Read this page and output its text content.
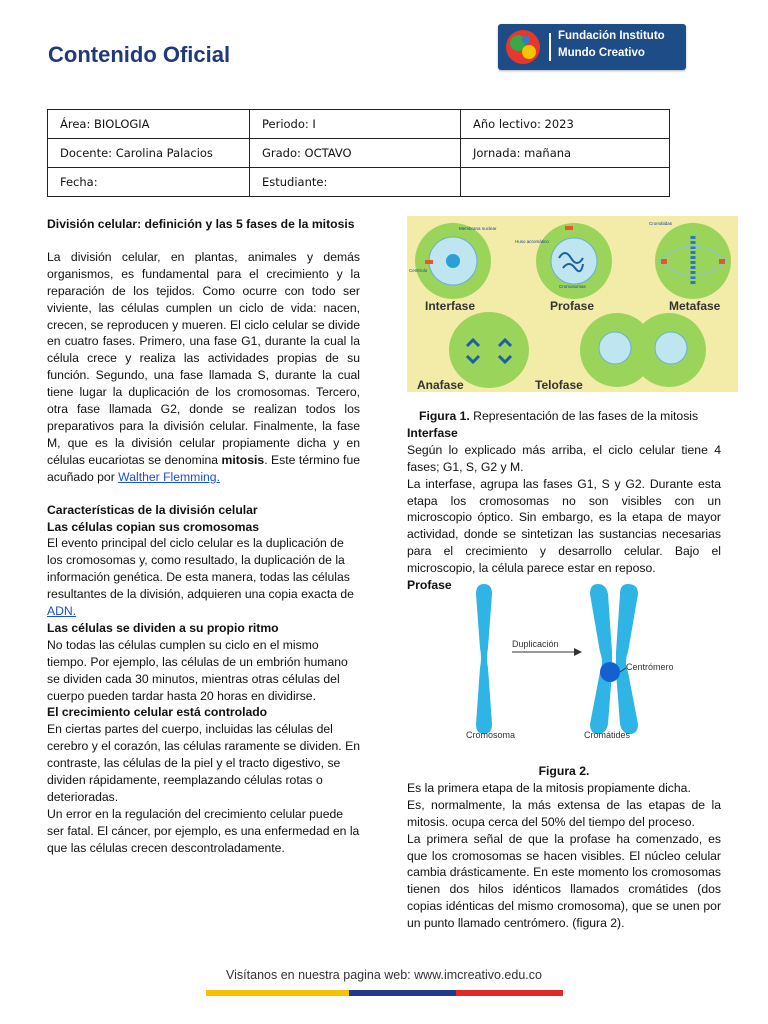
Contenido Oficial
Fundación Instituto
Mundo Creativo
Área: BIOLOGIA	Periodo: I	Año lectivo: 2023
Docente: Carolina Palacios	Grado: OCTAVO	Jornada: mañana
Fecha:	Estudiante:	

División celular: definición y las 5 fases de la mitosis

La división celular, en plantas, animales y demás organismos, es fundamental para el crecimiento y la reparación de los tejidos. Como ocurre con todo ser viviente, las células cumplen un ciclo de vida: nacen, crecen, se reproducen y mueren. El ciclo celular se divide en cuatro fases. Primero, una fase G1, durante la cual la célula crece y realiza las actividades propias de su función. Segundo, una fase llamada S, durante la cual tiene lugar la duplicación de los cromosomas. Tercero, otra fase llamada G2, donde se realizan todos los preparativos para la división celular. Finalmente, la fase M, que es la división celular propiamente dicha y en células eucariotas se denomina mitosis. Este término fue acuñado por Walther Flemming.

Características de la división celular

Las células copian sus cromosomas

El evento principal del ciclo celular es la duplicación de los cromosomas y, como resultado, la duplicación de la información genética. De esta manera, todas las células resultantes de la división, adquieren una copia exacta de ADN.

Las células se dividen a su propio ritmo

No todas las células cumplen su ciclo en el mismo tiempo. Por ejemplo, las células de un embrión humano se dividen cada 30 minutos, mientras otras células del cuerpo pueden tardar hasta 20 horas en dividirse.

El crecimiento celular está controlado

En ciertas partes del cuerpo, incluidas las células del cerebro y el corazón, las células raramente se dividen. En contraste, las células de la piel y el tracto digestivo, se dividen rápidamente, reemplazando células rotas o deterioradas.

Un error en la regulación del crecimiento celular puede ser fatal. El cáncer, por ejemplo, es una enfermedad en la que las células crecen descontroladamente.

Membrana nuclear
Centríolo
Huso acromático
Cromosomas
Cromátidas
Interfase	Profase	Metafase
Anafase	Telofase

Figura 1. Representación de las fases de la mitosis

Interfase

Según lo explicado más arriba, el ciclo celular tiene 4 fases; G1, S, G2 y M.

La interfase, agrupa las fases G1, S y G2. Durante esta etapa los cromosomas no son visibles con un microscopio óptico. Sin embargo, es la etapa de mayor actividad, donde se sintetizan las sustancias necesarias para el crecimiento y desarrollo celular. Bajo el microscopio, la célula parece estar en reposo.

Profase

Figura 2.

Es la primera etapa de la mitosis propiamente dicha.

Es, normalmente, la más extensa de las etapas de la mitosis. ocupa cerca del 50% del tiempo del proceso.

La primera señal de que la profase ha comenzado, es que los cromosomas se hacen visibles. El núcleo celular cambia drásticamente. En este momento los cromosomas tienen dos hilos idénticos llamados cromátides (dos copias idénticas del mismo cromosoma), que se unen por un punto llamado centrómero. (figura 2).

Duplicación
Centrómero
Cromosoma	Cromátides
Visítanos en nuestra pagina web: www.imcreativo.edu.co
